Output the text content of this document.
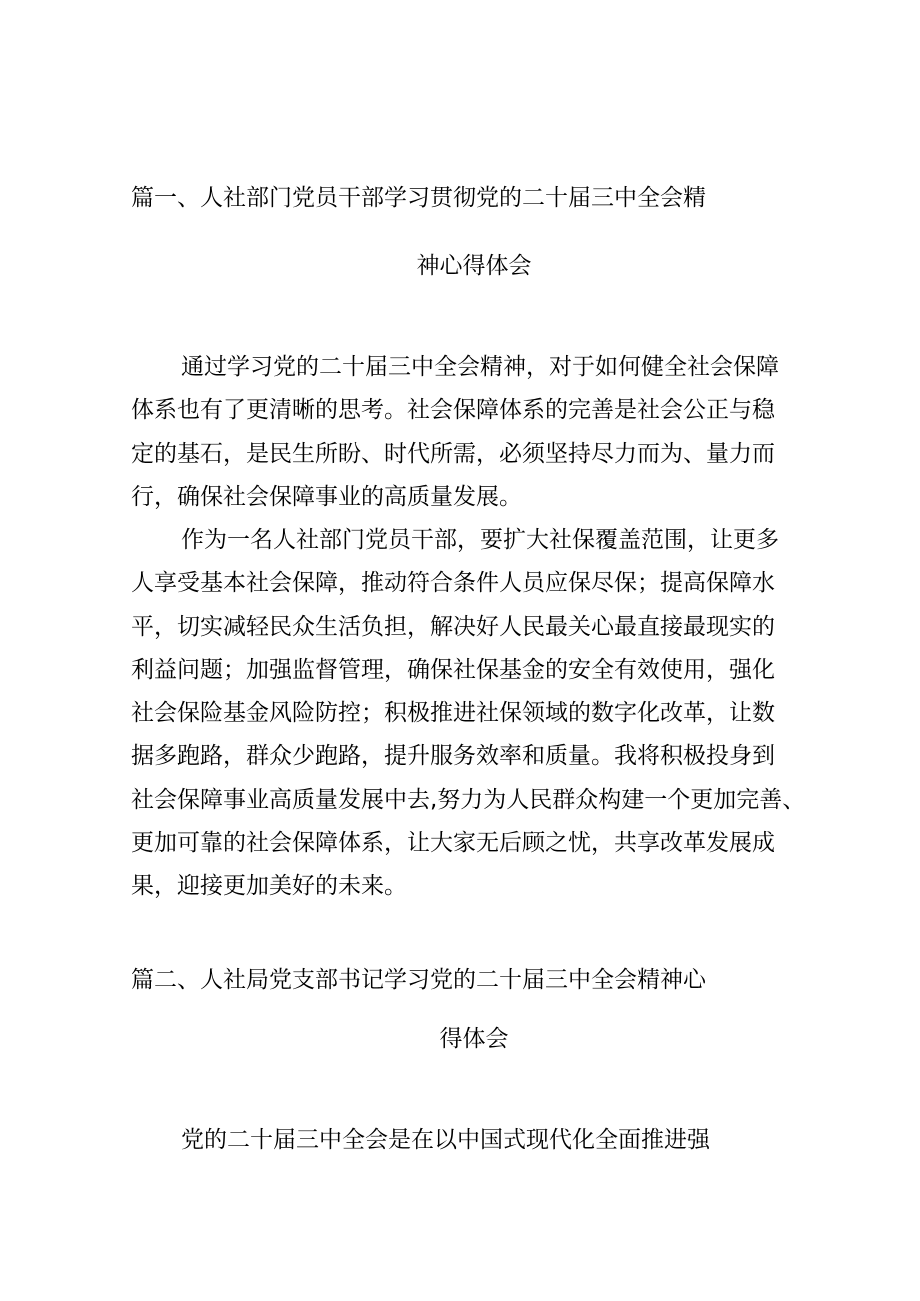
篇一、人社部门党员干部学习贯彻党的二十届三中全会精
神心得体会
通过学习党的二十届三中全会精神，对于如何健全社会保障
体系也有了更清晰的思考。社会保障体系的完善是社会公正与稳
定的基石，是民生所盼、时代所需，必须坚持尽力而为、量力而
行，确保社会保障事业的高质量发展。
作为一名人社部门党员干部，要扩大社保覆盖范围，让更多
人享受基本社会保障，推动符合条件人员应保尽保；提高保障水
平，切实减轻民众生活负担，解决好人民最关心最直接最现实的
利益问题；加强监督管理，确保社保基金的安全有效使用，强化
社会保险基金风险防控；积极推进社保领域的数字化改革，让数
据多跑路，群众少跑路，提升服务效率和质量。我将积极投身到
社会保障事业高质量发展中去,努力为人民群众构建一个更加完善、
更加可靠的社会保障体系，让大家无后顾之忧，共享改革发展成
果，迎接更加美好的未来。
篇二、人社局党支部书记学习党的二十届三中全会精神心
得体会
党的二十届三中全会是在以中国式现代化全面推进强
